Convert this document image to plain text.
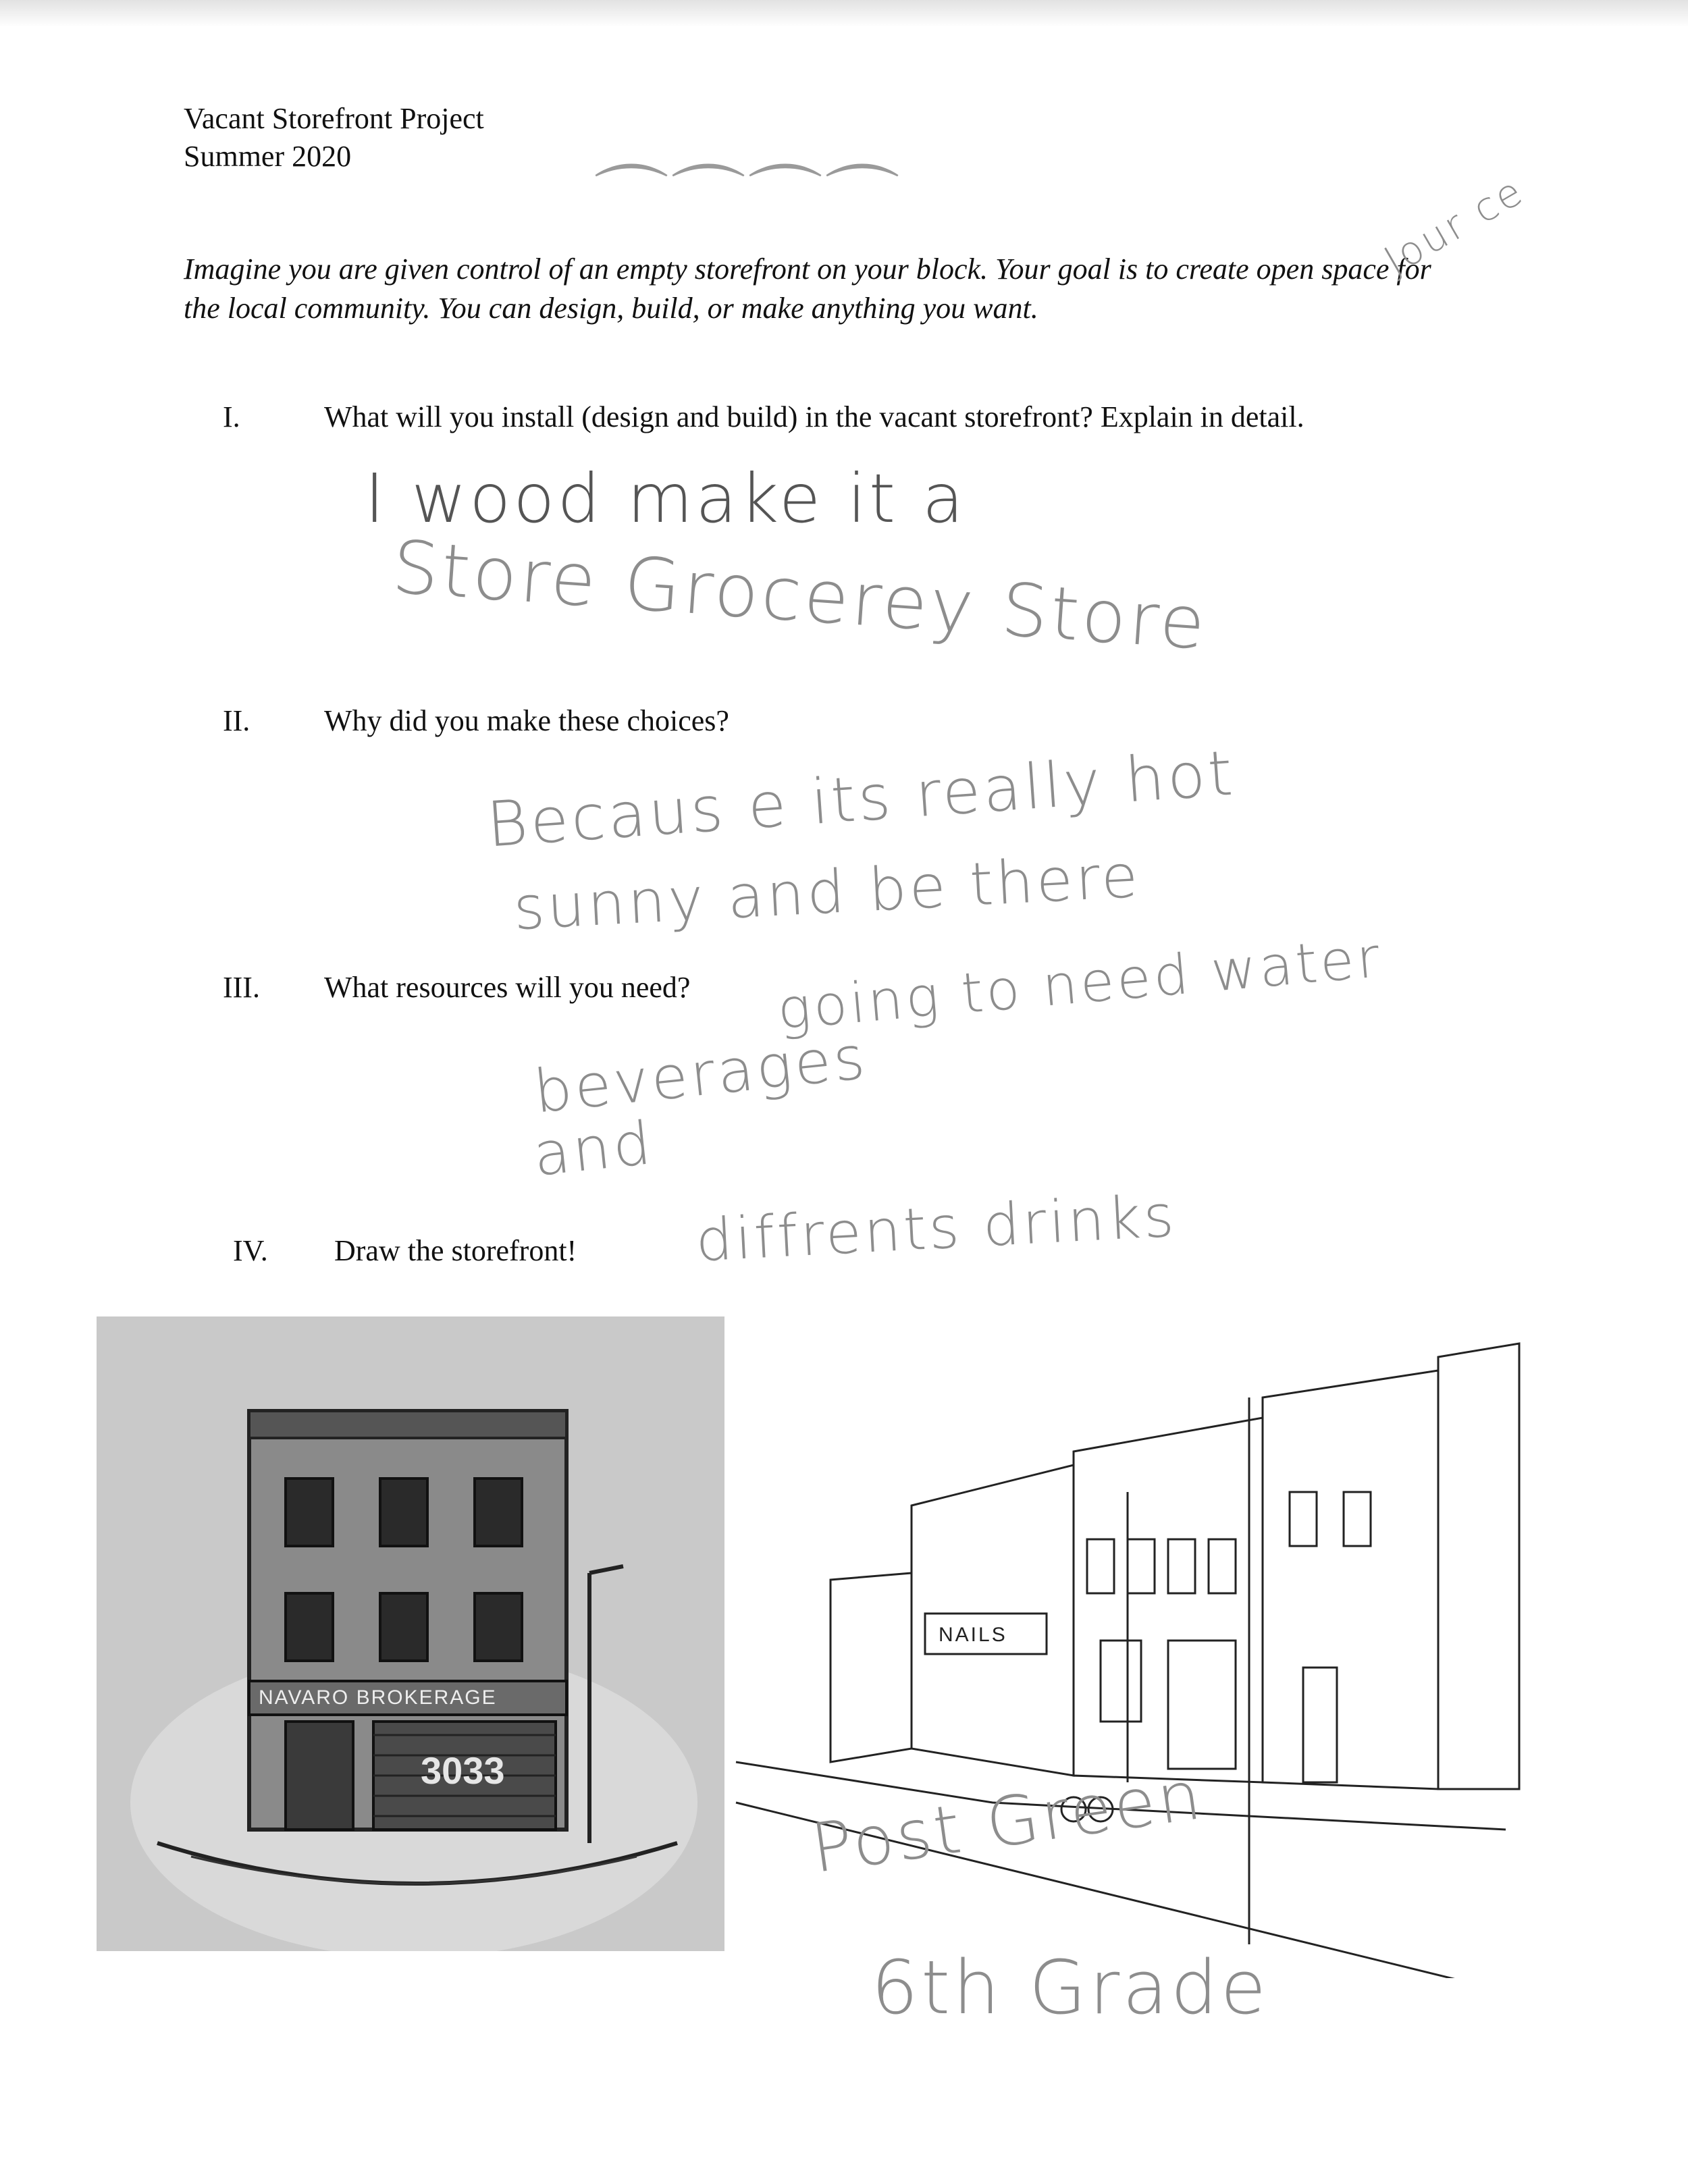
Vacant Storefront Project
Summer 2020
Imagine you are given control of an empty storefront on your block. Your goal is to create open space for the local community. You can design, build, or make anything you want.
I.	What will you install (design and build) in the vacant storefront? Explain in detail.
II. Why did you make these choices?
III. What resources will you need?
IV. Draw the storefront!
⌒⌒⌒⌒	Jour ce
I wood make it a
Store Grocerey Store
Becaus e its really hot
sunny and be there
going to need water
beverages
and
diffrents drinks
NAVARO BROKERAGE
3033
NAILS
Post Green
6th Grade
